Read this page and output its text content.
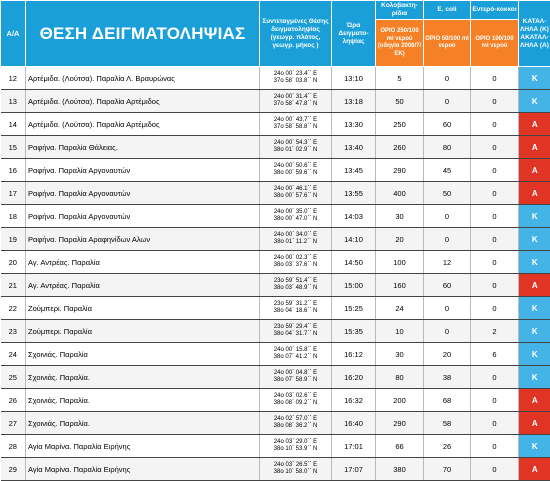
Α/Α	ΘΕΣΗ ΔΕΙΓΜΑΤΟΛΗΨΙΑΣ	Συντεταγμένες Θέσης δειγματοληψίας (γεωγρ. πλάτος, γεωγρ. μήκος )	Ώρα Δειγματο-ληψίας	Κολοβακτη-ρίδια	E. coli	Εντερό-κοκκοι	ΚΑΤΑΛ-ΛΗΛΑ (Κ) ΑΚΑΤΑΛ-ΛΗΛΑ (Α)
				ΟΡΙΟ 250/100 ml νερού (οδηγία 2006/7/ ΕΚ)	ΟΡΙΟ 50/100 ml νερού	ΟΡΙΟ 100/100 ml νερού	
12	Αρτέμιδα. (Λούτσα). Παραλία Λ. Βραυρώνας	24ο 00΄ 23.4΄΄ Ε
37ο 58΄ 03.8΄΄ Ν	13:10	5	0	0	Κ
13	Αρτέμιδα. (Λούτσα). Παραλία Αρτέμιδος	24ο 00΄ 31.4΄΄ Ε
37ο 58΄ 47.8΄΄ Ν	13:18	50	0	0	Κ
14	Αρτέμιδα. (Λούτσα). Παραλία Αρτέμιδος	24ο 00΄ 43.7΄΄ Ε
37ο 58΄ 58.8΄΄ Ν	13:30	250	60	0	Α
15	Ραφήνα. Παραλία Θάλειας.	24ο 00΄ 54.3΄΄ Ε
38ο 01΄ 02.9΄΄ Ν	13:40	260	80	0	Α
16	Ραφήνα. Παραλία Αργοναυτών	24ο 00΄ 50.6΄΄ Ε
38ο 00΄ 59.6΄΄ Ν	13:45	290	45	0	Α
17	Ραφήνα. Παραλία Αργοναυτών	24ο 00΄ 46.1΄΄ Ε
38ο 00΄ 57.6΄΄ Ν	13:55	400	50	0	Α
18	Ραφήνα. Παραλία Αργοναυτών	24ο 00΄ 35.0΄΄ Ε
38ο 00΄ 47.0΄΄ Ν	14:03	30	0	0	Κ
19	Ραφήνα. Παραλία Αραφηνίδων Αλων	24ο 00΄ 34.0΄΄ Ε
38ο 01΄ 11.2΄΄ Ν	14:10	20	0	0	Κ
20	Αγ. Αντρέας. Παραλία	24ο 00΄ 02.3΄΄ Ε
38ο 03΄ 37.6΄΄ Ν	14:50	100	12	0	Κ
21	Αγ. Αντρέας. Παραλία	23ο 59΄ 51.4΄΄ Ε
38ο 03΄ 48.9΄΄ Ν	15:00	160	60	0	Α
22	Ζούμπερι. Παραλία	23ο 59΄ 31.2΄΄ Ε
38ο 04΄ 18.6΄΄ Ν	15:25	24	0	0	Κ
23	Ζούμπερι. Παραλία	23ο 59΄ 29.4΄΄ Ε
38ο 04΄ 31.7΄΄ Ν	15:35	10	0	2	Κ
24	Σχοινιάς. Παραλία	24ο 00΄ 15.8΄΄ Ε
38ο 07΄ 41.2΄΄ Ν	16:12	30	20	6	Κ
25	Σχοινιάς. Παραλία.	24ο 00΄ 04.8΄΄ Ε
38ο 07΄ 58.9΄΄ Ν	16:20	80	38	0	Κ
26	Σχοινιάς. Παραλία.	24ο 03΄ 02.6΄΄ Ε
38ο 08΄ 09.2΄΄ Ν	16:32	200	68	0	Α
27	Σχοινιάς. Παραλία.	24ο 02΄ 57.0΄΄ Ε
38ο 08΄ 36.2΄΄ Ν	16:40	290	58	0	Α
28	Αγία Μαρίνα. Παραλία Ειρήνης	24ο 03΄ 29.0΄΄ Ε
38ο 10΄ 53.9΄΄ Ν	17:01	66	26	0	Κ
29	Αγία Μαρίνα. Παραλία Ειρήνης	24ο 03΄ 26.5΄΄ Ε
38ο 10΄ 58.0΄΄ Ν	17:07	380	70	0	Α
